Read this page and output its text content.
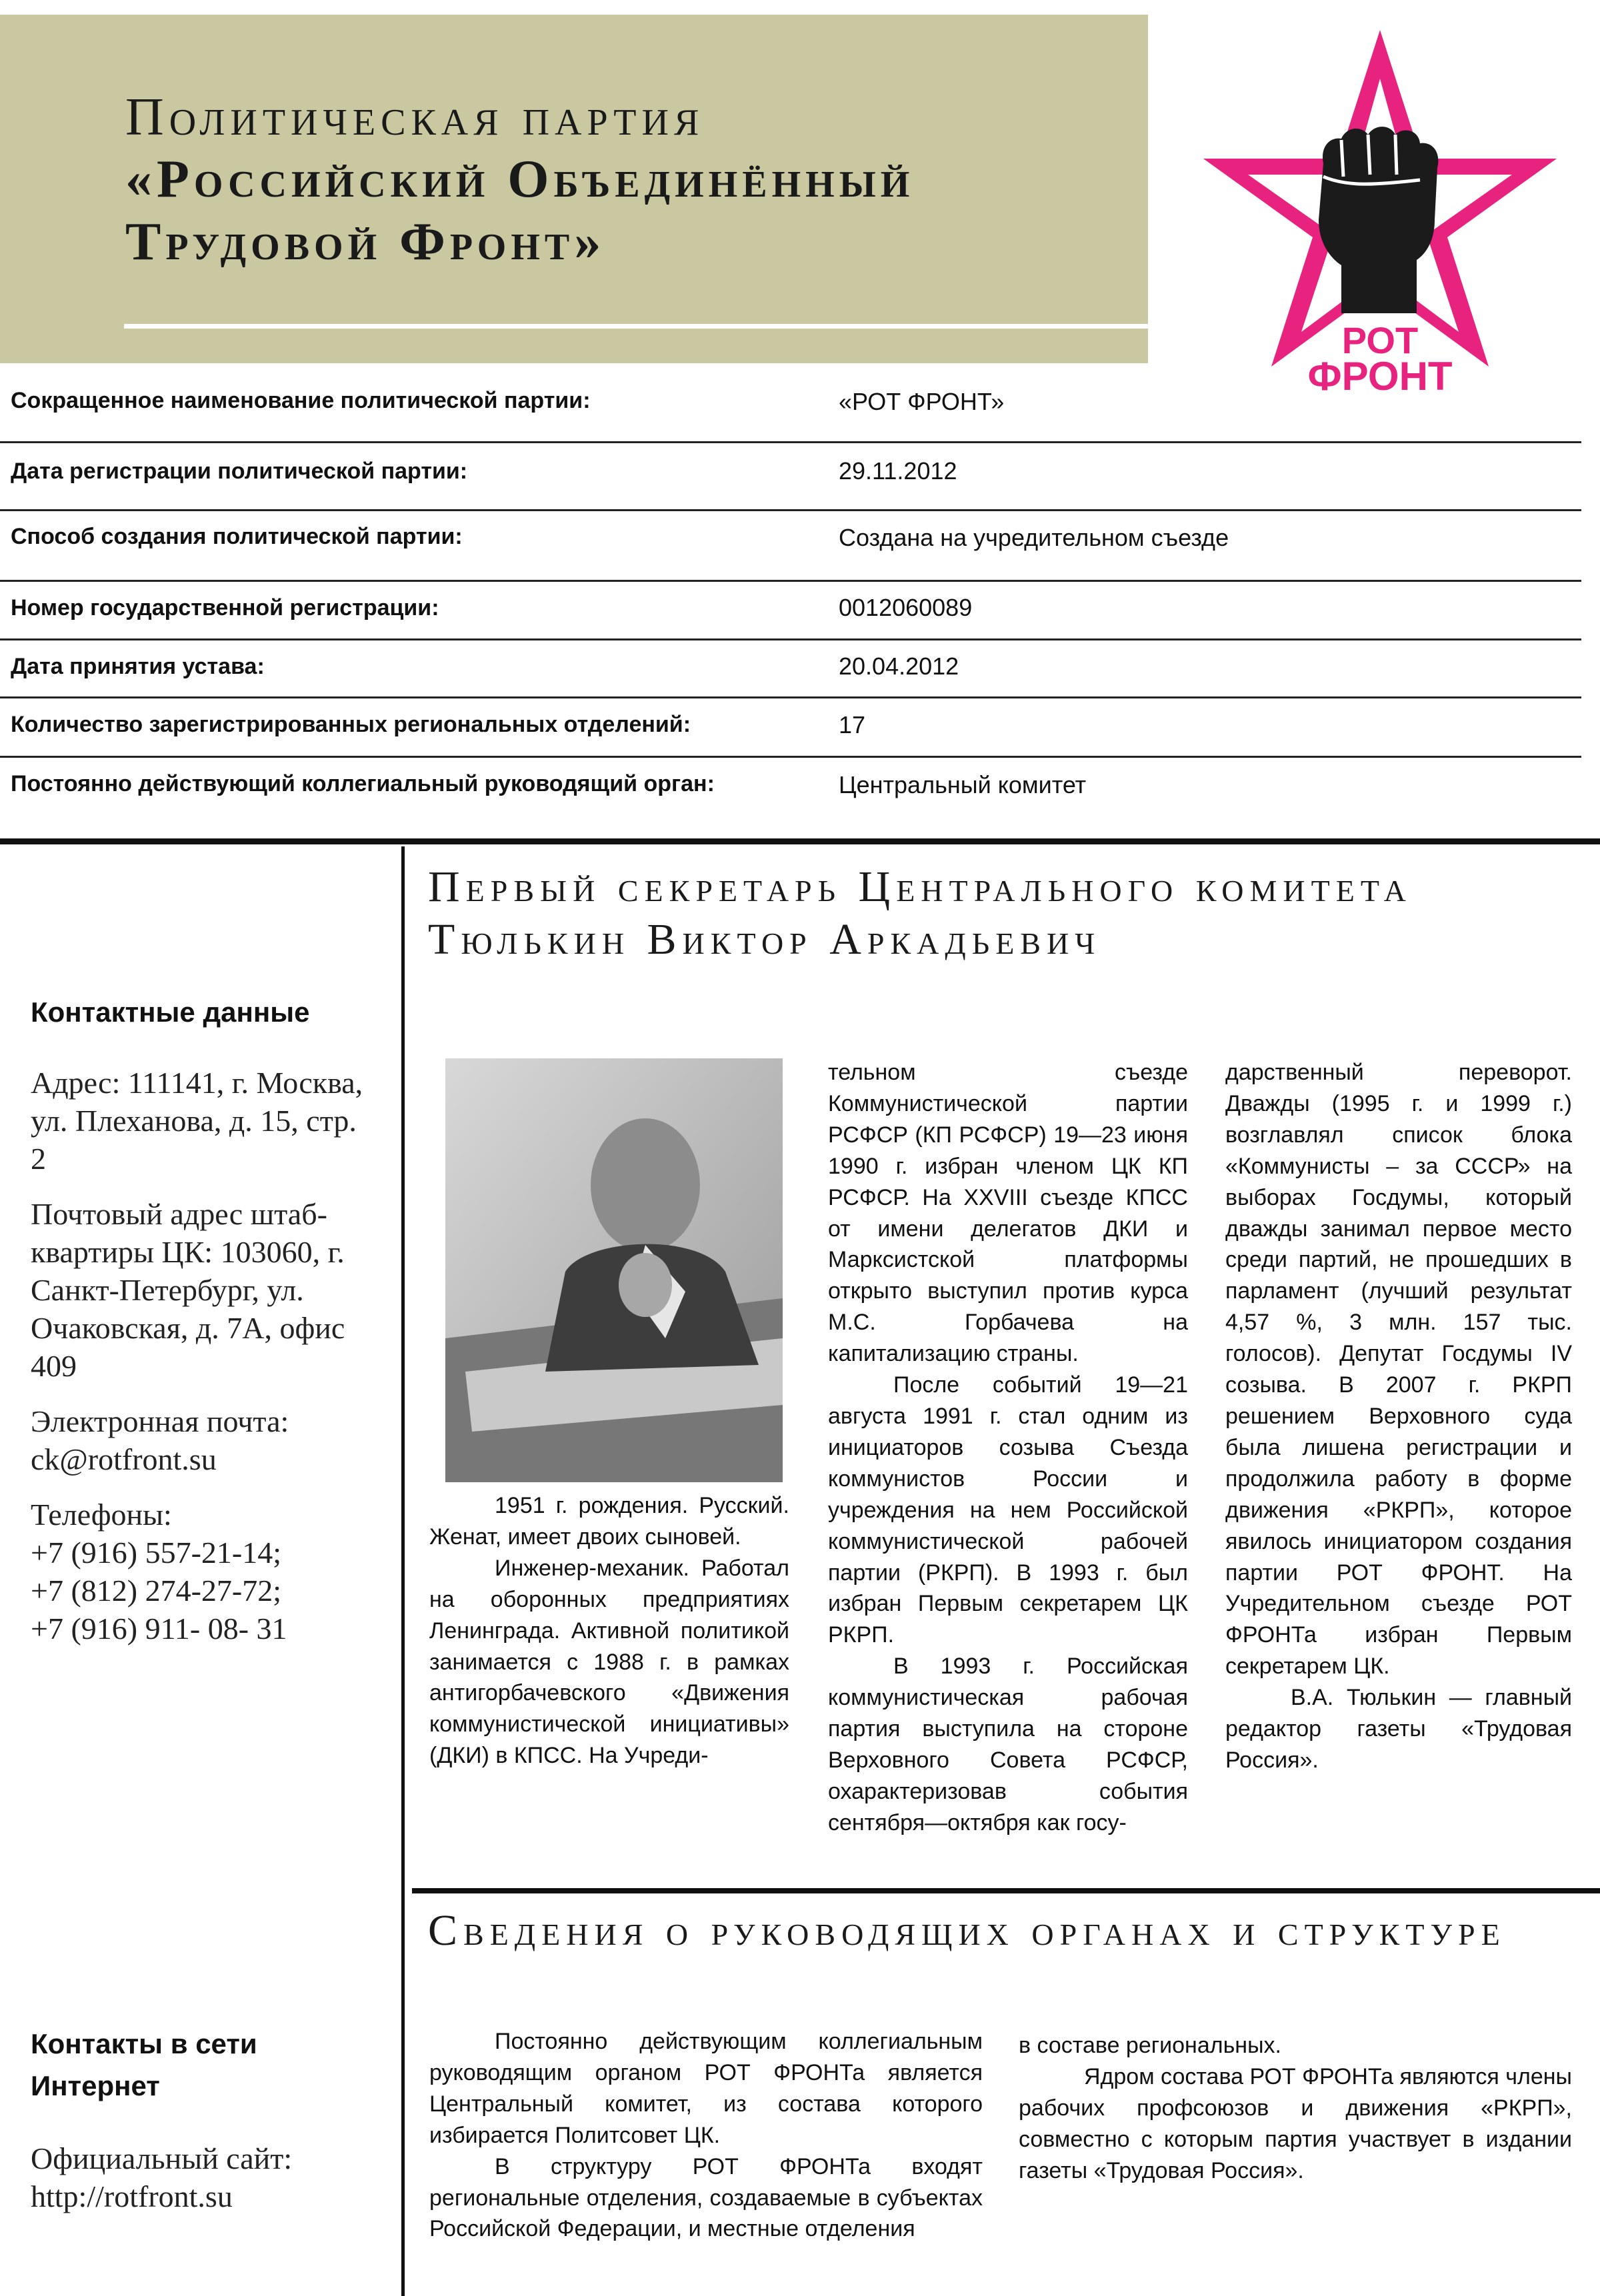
Политическая партия
«Российский Объединённый
Трудовой Фронт»
РОТ
ФРОНТ
Сокращенное наименование политической партии:	«РОТ ФРОНТ»
Дата регистрации политической партии:	29.11.2012
Способ создания политической партии:	Создана на учредительном съезде
Номер государственной регистрации:	0012060089
Дата принятия устава:	20.04.2012
Количество зарегистрированных региональных отделений:	17
Постоянно действующий коллегиальный руководящий орган:	Центральный комитет
Контактные данные

Адрес: 111141, г. Москва, ул. Плеханова, д. 15, стр. 2

Почтовый адрес штаб-квартиры ЦК: 103060, г. Санкт-Петербург, ул. Очаковская, д. 7А, офис 409

Электронная почта: ck@rotfront.su

Телефоны:
+7 (916) 557-21-14;
+7 (812) 274-27-72;
+7 (916) 911- 08- 31
Контакты в сети Интернет

Официальный сайт: http://rotfront.su

Первый секретарь Центрального комитета
Тюлькин Виктор Аркадьевич

1951 г. рождения. Русский. Женат, имеет двоих сыновей.

Инженер-механик. Работал на оборонных предприятиях Ленинграда. Активной политикой занимается с 1988 г. в рамках антигорбачевского «Движения коммунистической инициативы» (ДКИ) в КПСС. На Учреди-

тельном съезде Коммунистической партии РСФСР (КП РСФСР) 19—23 июня 1990 г. избран членом ЦК КП РСФСР. На XXVIII съезде КПСС от имени делегатов ДКИ и Марксистской платформы открыто выступил против курса М.С. Горбачева на капитализацию страны.

После событий 19—21 августа 1991 г. стал одним из инициаторов созыва Съезда коммунистов России и учреждения на нем Российской коммунистической рабочей партии (РКРП). В 1993 г. был избран Первым секретарем ЦК РКРП.

В 1993 г. Российская коммунистическая рабочая партия выступила на стороне Верховного Совета РСФСР, охарактеризовав события сентября—октября как госу-

дарственный переворот. Дважды (1995 г. и 1999 г.) возглавлял список блока «Коммунисты – за СССР» на выборах Госдумы, который дважды занимал первое место среди партий, не прошедших в парламент (лучший результат 4,57 %, 3 млн. 157 тыс. голосов). Депутат Госдумы IV созыва. В 2007 г. РКРП решением Верховного суда была лишена регистрации и продолжила работу в форме движения «РКРП», которое явилось инициатором создания партии РОТ ФРОНТ. На Учредительном съезде РОТ ФРОНТа избран Первым секретарем ЦК.

В.А. Тюлькин — главный редактор газеты «Трудовая Россия».

Сведения о руководящих органах и структуре

Постоянно действующим коллегиальным руководящим органом РОТ ФРОНТа является Центральный комитет, из состава которого избирается Политсовет ЦК.

В структуру РОТ ФРОНТа входят региональные отделения, создаваемые в субъектах Российской Федерации, и местные отделения

в составе региональных.

Ядром состава РОТ ФРОНТа являются члены рабочих профсоюзов и движения «РКРП», совместно с которым партия участвует в издании газеты «Трудовая Россия».
